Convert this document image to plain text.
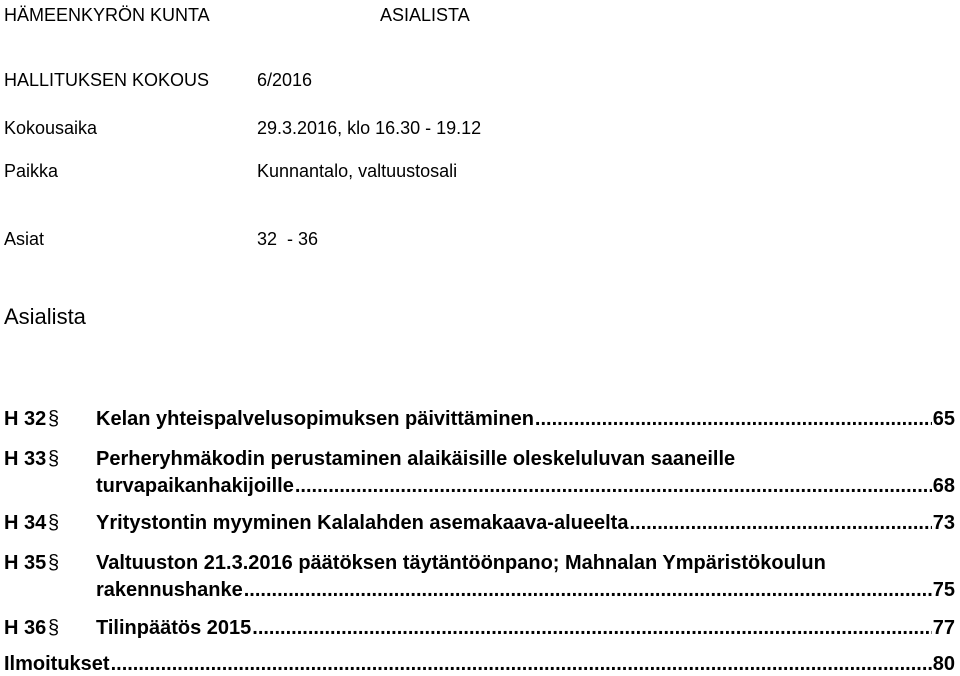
HÄMEENKYRÖN KUNTA	ASIALISTA
HALLITUKSEN KOKOUS	6/2016
Kokousaika	29.3.2016, klo 16.30 - 19.12
Paikka	Kunnantalo, valtuustosali
Asiat	32  - 36
Asialista
H 32 § Kelan yhteispalvelusopimuksen päivittäminen .....	65
H 33 § Perheryhmäkodin perustaminen alaikäisille oleskeluluvan saaneille
turvapaikanhakijoille .....	68
H 34 § Yritystontin myyminen Kalalahden asemakaava-alueelta .....	73
H 35 § Valtuuston 21.3.2016 päätöksen täytäntöönpano; Mahnalan Ympäristökoulun
rakennushanke .....	75
H 36 § Tilinpäätös 2015 .....	77
Ilmoitukset .....	80
